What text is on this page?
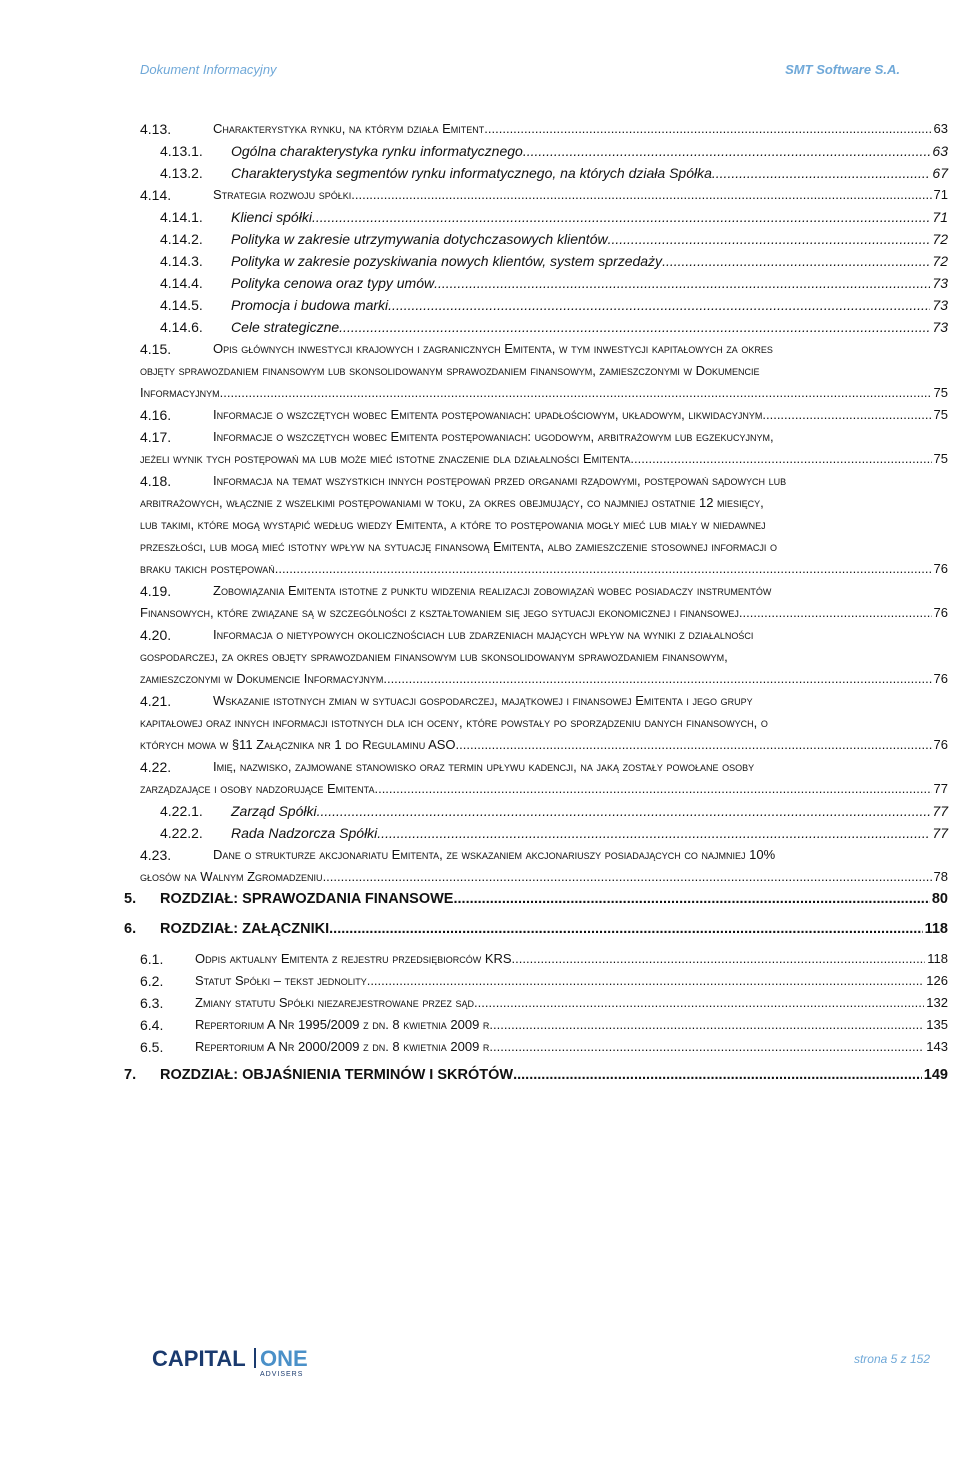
Dokument Informacyjny	SMT Software S.A.
4.13.	Charakterystyka rynku, na którym działa Emitent .....	63
4.13.1. Ogólna charakterystyka rynku informatycznego .....	63
4.13.2. Charakterystyka segmentów rynku informatycznego, na których działa Spółka .....	67
4.14.	Strategia rozwoju spółki .....	71
4.14.1. Klienci spółki .....	71
4.14.2. Polityka w zakresie utrzymywania dotychczasowych klientów .....	72
4.14.3. Polityka w zakresie pozyskiwania nowych klientów, system sprzedaży .....	72
4.14.4. Polityka cenowa oraz typy umów .....	73
4.14.5. Promocja i budowa marki .....	73
4.14.6. Cele strategiczne .....	73
4.15.	Opis głównych inwestycji krajowych i zagranicznych Emitenta, w tym inwestycji kapitałowych za okres
objęty sprawozdaniem finansowym lub skonsolidowanym sprawozdaniem finansowym, zamieszczonymi w Dokumencie
Informacyjnym .....	75
4.16.	Informacje o wszczętych wobec Emitenta postępowaniach: upadłościowym, układowym, likwidacyjnym .....	75
4.17.	Informacje o wszczętych wobec Emitenta postępowaniach: ugodowym, arbitrażowym lub egzekucyjnym,
jeżeli wynik tych postępowań ma lub może mieć istotne znaczenie dla działalności Emitenta .....	75
4.18.	Informacja na temat wszystkich innych postępowań przed organami rządowymi, postępowań sądowych lub
arbitrażowych, włącznie z wszelkimi postępowaniami w toku, za okres obejmujący, co najmniej ostatnie 12 miesięcy,
lub takimi, które mogą wystąpić według wiedzy Emitenta, a które to postępowania mogły mieć lub miały w niedawnej
przeszłości, lub mogą mieć istotny wpływ na sytuację finansową Emitenta, albo zamieszczenie stosownej informacji o
braku takich postępowań .....	76
4.19.	Zobowiązania Emitenta istotne z punktu widzenia realizacji zobowiązań wobec posiadaczy instrumentów
Finansowych, które związane są w szczególności z kształtowaniem się jego sytuacji ekonomicznej i finansowej .....	76
4.20.	Informacja o nietypowych okolicznościach lub zdarzeniach mających wpływ na wyniki z działalności
gospodarczej, za okres objęty sprawozdaniem finansowym lub skonsolidowanym sprawozdaniem finansowym,
zamieszczonymi w Dokumencie Informacyjnym .....	76
4.21.	Wskazanie istotnych zmian w sytuacji gospodarczej, majątkowej i finansowej Emitenta i jego grupy
kapitałowej oraz innych informacji istotnych dla ich oceny, które powstały po sporządzeniu danych finansowych, o
których mowa w §11 Załącznika nr 1 do Regulaminu ASO .....	76
4.22.	Imię, nazwisko, zajmowane stanowisko oraz termin upływu kadencji, na jaką zostały powołane osoby
zarządzające i osoby nadzorujące Emitenta .....	77
4.22.1. Zarząd Spółki .....	77
4.22.2. Rada Nadzorcza Spółki .....	77
4.23.	Dane o strukturze akcjonariatu Emitenta, ze wskazaniem akcjonariuszy posiadających co najmniej 10%
głosów na Walnym Zgromadzeniu .....	78
5. ROZDZIAŁ: SPRAWOZDANIA FINANSOWE .....	80
6. ROZDZIAŁ: ZAŁĄCZNIKI .....	118
6.1. Odpis aktualny Emitenta z rejestru przedsiębiorców KRS .....	118
6.2. Statut Spółki – tekst jednolity .....	126
6.3. Zmiany statutu Spółki niezarejestrowane przez sąd .....	132
6.4. Repertorium A Nr 1995/2009 z dn. 8 kwietnia 2009 r. .....	135
6.5. Repertorium A Nr 2000/2009 z dn. 8 kwietnia 2009 r. .....	143
7. ROZDZIAŁ: OBJAŚNIENIA TERMINÓW I SKRÓTÓW .....	149
CAPITAL ONE
ADVISERS
strona 5 z 152
